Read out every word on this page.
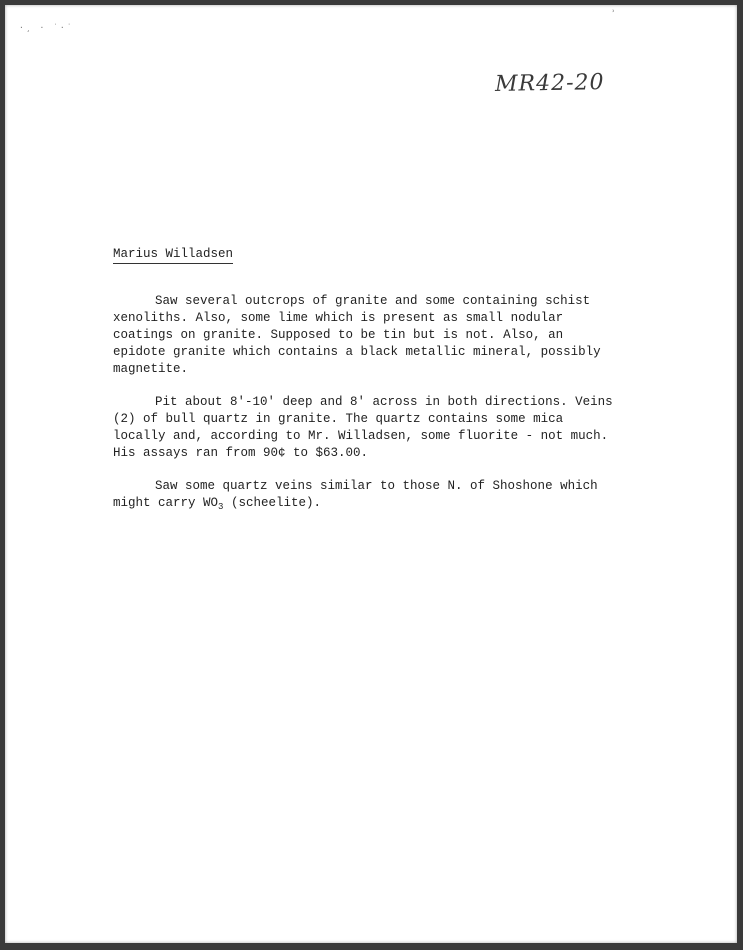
·¸ · ˙·˙
ʾ
MR42-20
Marius Willadsen

Saw several outcrops of granite and some containing schist xenoliths. Also, some lime which is present as small nodular coatings on granite. Supposed to be tin but is not. Also, an epidote granite which contains a black metallic mineral, possibly magnetite.

Pit about 8'-10' deep and 8' across in both directions. Veins (2) of bull quartz in granite. The quartz contains some mica locally and, according to Mr. Willadsen, some fluorite - not much. His assays ran from 90¢ to $63.00.

Saw some quartz veins similar to those N. of Shoshone which might carry $WO_3$ (scheelite).
